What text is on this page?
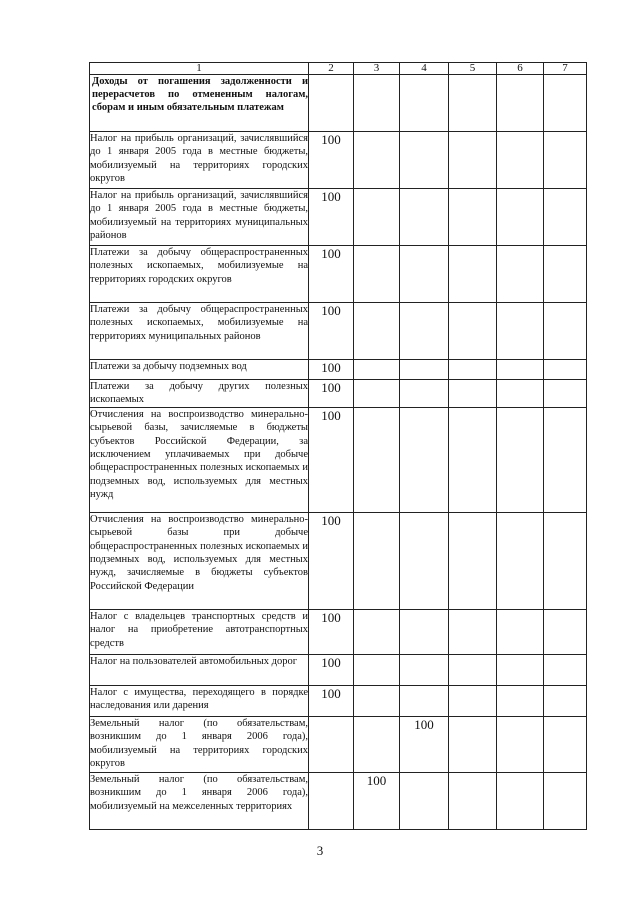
1	2	3	4	5	6	7
Доходы от погашения задолженности и перерасчетов по отмененным налогам, сборам и иным обязательным платежам						
Налог на прибыль организаций, зачислявшийся до 1 января 2005 года в местные бюджеты, мобилизуемый на территориях городских округов	100					
Налог на прибыль организаций, зачислявшийся до 1 января 2005 года в местные бюджеты, мобилизуемый на территориях муниципальных районов	100					
Платежи за добычу общераспространенных полезных ископаемых, мобилизуемые на территориях городских округов	100					
Платежи за добычу общераспространенных полезных ископаемых, мобилизуемые на территориях муниципальных районов	100					
Платежи за добычу подземных вод	100					
Платежи за добычу других полезных ископаемых	100					
Отчисления на воспроизводство минерально-сырьевой базы, зачисляемые в бюджеты субъектов Российской Федерации, за исключением уплачиваемых при добыче общераспространенных полезных ископаемых и подземных вод, используемых для местных нужд	100					
Отчисления на воспроизводство минерально-сырьевой базы при добыче общераспространенных полезных ископаемых и подземных вод, используемых для местных нужд, зачисляемые в бюджеты субъектов Российской Федерации	100					
Налог с владельцев транспортных средств и налог на приобретение автотранспортных средств	100					
Налог на пользователей автомобильных дорог	100					
Налог с имущества, переходящего в порядке наследования или дарения	100					
Земельный налог (по обязательствам, возникшим до 1 января 2006 года), мобилизуемый на территориях городских округов			100			
Земельный налог (по обязательствам, возникшим до 1 января 2006 года), мобилизуемый на межселенных территориях		100				
3
